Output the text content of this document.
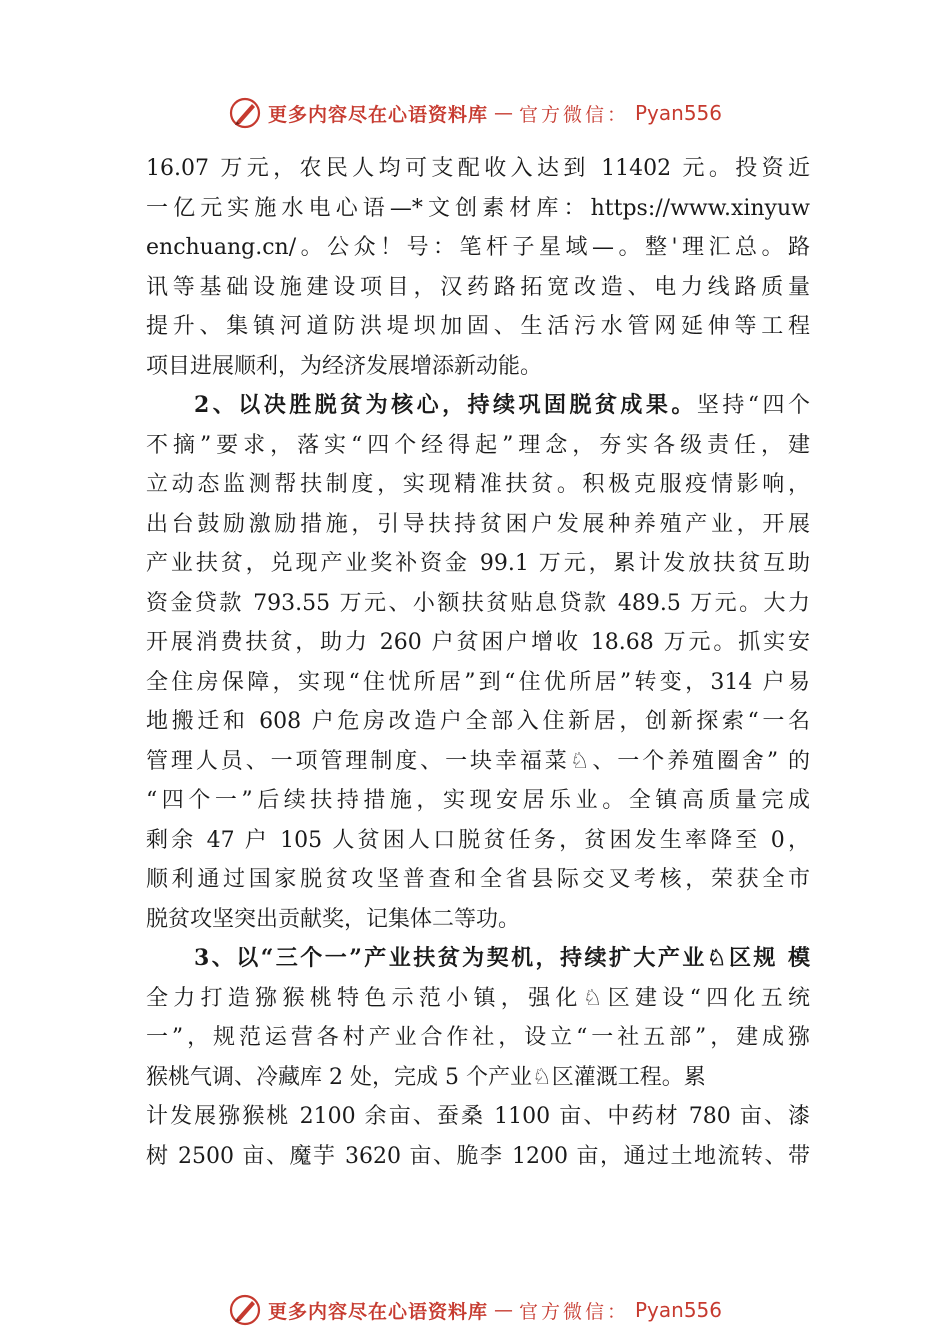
更多内容尽在心语资料库 — 官方微信： Pyan556
16.07 万元，农民人均可支配收入达到 11402 元。投资近
一亿元实施水电心语—*文创素材库：https://www.xinyuw
enchuang.cn/。公众！号：笔杆子星域—。整'理汇总。路
讯等基础设施建设项目，汉药路拓宽改造、电力线路质量
提升、集镇河道防洪堤坝加固、生活污水管网延伸等工程
项目进展顺利，为经济发展增添新动能。
2、以决胜脱贫为核心，持续巩固脱贫成果。坚持“四个
不摘”要求，落实“四个经得起”理念，夯实各级责任，建
立动态监测帮扶制度，实现精准扶贫。积极克服疫情影响，
出台鼓励激励措施，引导扶持贫困户发展种养殖产业，开展
产业扶贫，兑现产业奖补资金 99.1 万元，累计发放扶贫互助
资金贷款 793.55 万元、小额扶贫贴息贷款 489.5 万元。大力
开展消费扶贫，助力 260 户贫困户增收 18.68 万元。抓实安
全住房保障，实现“住忧所居”到“住优所居”转变，314 户易
地搬迁和 608 户危房改造户全部入住新居，创新探索“一名
管理人员、一项管理制度、一块幸福菜♘、一个养殖圈舍” 的
“四个一”后续扶持措施，实现安居乐业。全镇高质量完成
剩余 47 户 105 人贫困人口脱贫任务，贫困发生率降至 0，
顺利通过国家脱贫攻坚普查和全省县际交叉考核，荣获全市
脱贫攻坚突出贡献奖，记集体二等功。
3、以“三个一”产业扶贫为契机，持续扩大产业♘区规 模
全力打造猕猴桃特色示范小镇，强化♘区建设“四化五统
一”，规范运营各村产业合作社，设立“一社五部”，建成猕
猴桃气调、冷藏库 2 处，完成 5 个产业♘区灌溉工程。累
计发展猕猴桃 2100 余亩、蚕桑 1100 亩、中药材 780 亩、漆
树 2500 亩、魔芋 3620 亩、脆李 1200 亩，通过土地流转、带
更多内容尽在心语资料库 — 官方微信： Pyan556
